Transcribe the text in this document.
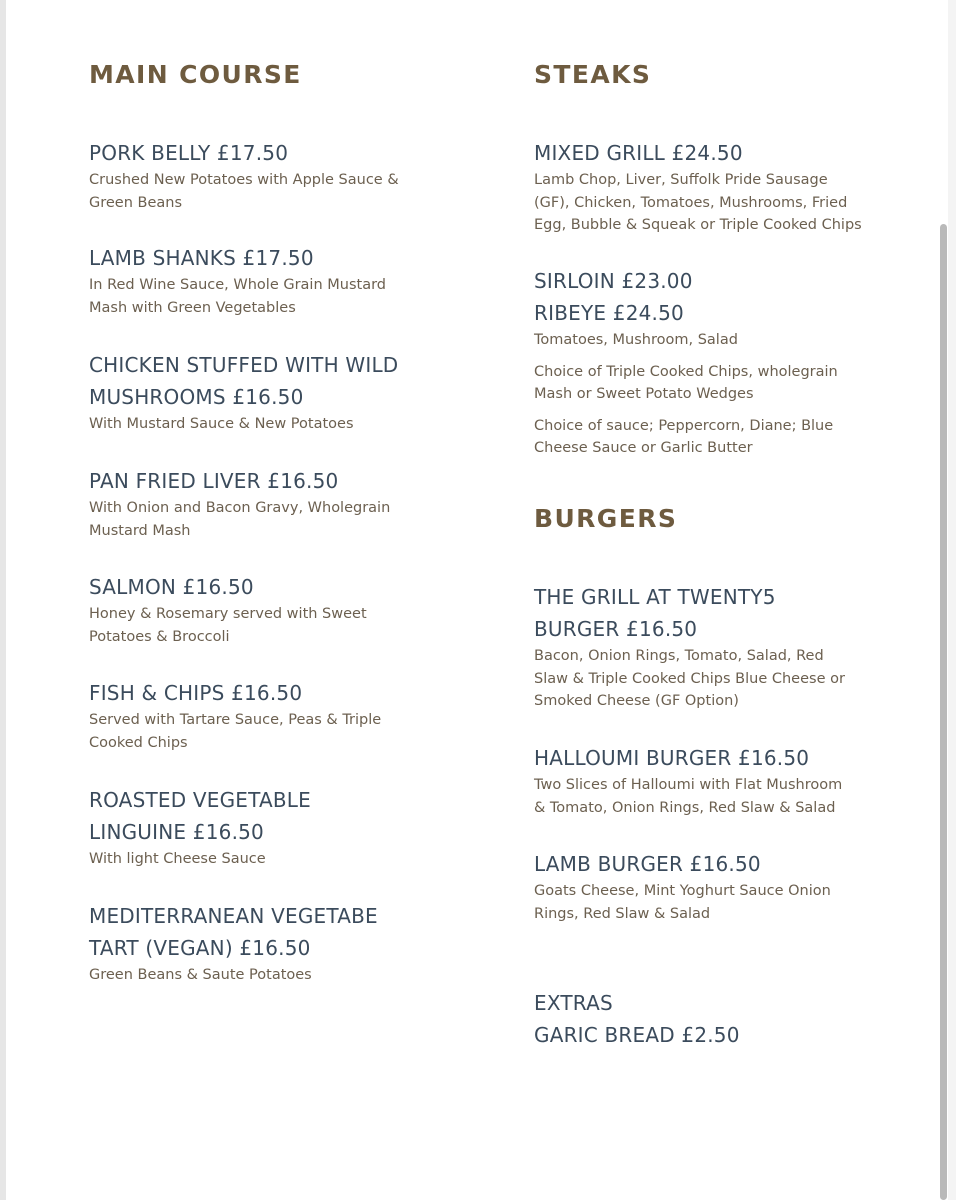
MAIN COURSE
PORK BELLY £17.50
Crushed New Potatoes with Apple Sauce &
Green Beans
LAMB SHANKS £17.50
In Red Wine Sauce, Whole Grain Mustard
Mash with Green Vegetables
CHICKEN STUFFED WITH WILD
MUSHROOMS £16.50
With Mustard Sauce & New Potatoes
PAN FRIED LIVER £16.50
With Onion and Bacon Gravy, Wholegrain
Mustard Mash
SALMON £16.50
Honey & Rosemary served with Sweet
Potatoes & Broccoli
FISH & CHIPS £16.50
Served with Tartare Sauce, Peas & Triple
Cooked Chips
ROASTED VEGETABLE
LINGUINE £16.50
With light Cheese Sauce
MEDITERRANEAN VEGETABE
TART (VEGAN) £16.50
Green Beans & Saute Potatoes
STEAKS
MIXED GRILL £24.50
Lamb Chop, Liver, Suffolk Pride Sausage
(GF), Chicken, Tomatoes, Mushrooms, Fried
Egg, Bubble & Squeak or Triple Cooked Chips
SIRLOIN £23.00
RIBEYE £24.50
Tomatoes, Mushroom, Salad
Choice of Triple Cooked Chips, wholegrain
Mash or Sweet Potato Wedges
Choice of sauce; Peppercorn, Diane; Blue
Cheese Sauce or Garlic Butter
BURGERS
THE GRILL AT TWENTY5
BURGER £16.50
Bacon, Onion Rings, Tomato, Salad, Red
Slaw & Triple Cooked Chips Blue Cheese or
Smoked Cheese (GF Option)
HALLOUMI BURGER £16.50
Two Slices of Halloumi with Flat Mushroom
& Tomato, Onion Rings, Red Slaw & Salad
LAMB BURGER £16.50
Goats Cheese, Mint Yoghurt Sauce Onion
Rings, Red Slaw & Salad
EXTRAS
GARIC BREAD £2.50
